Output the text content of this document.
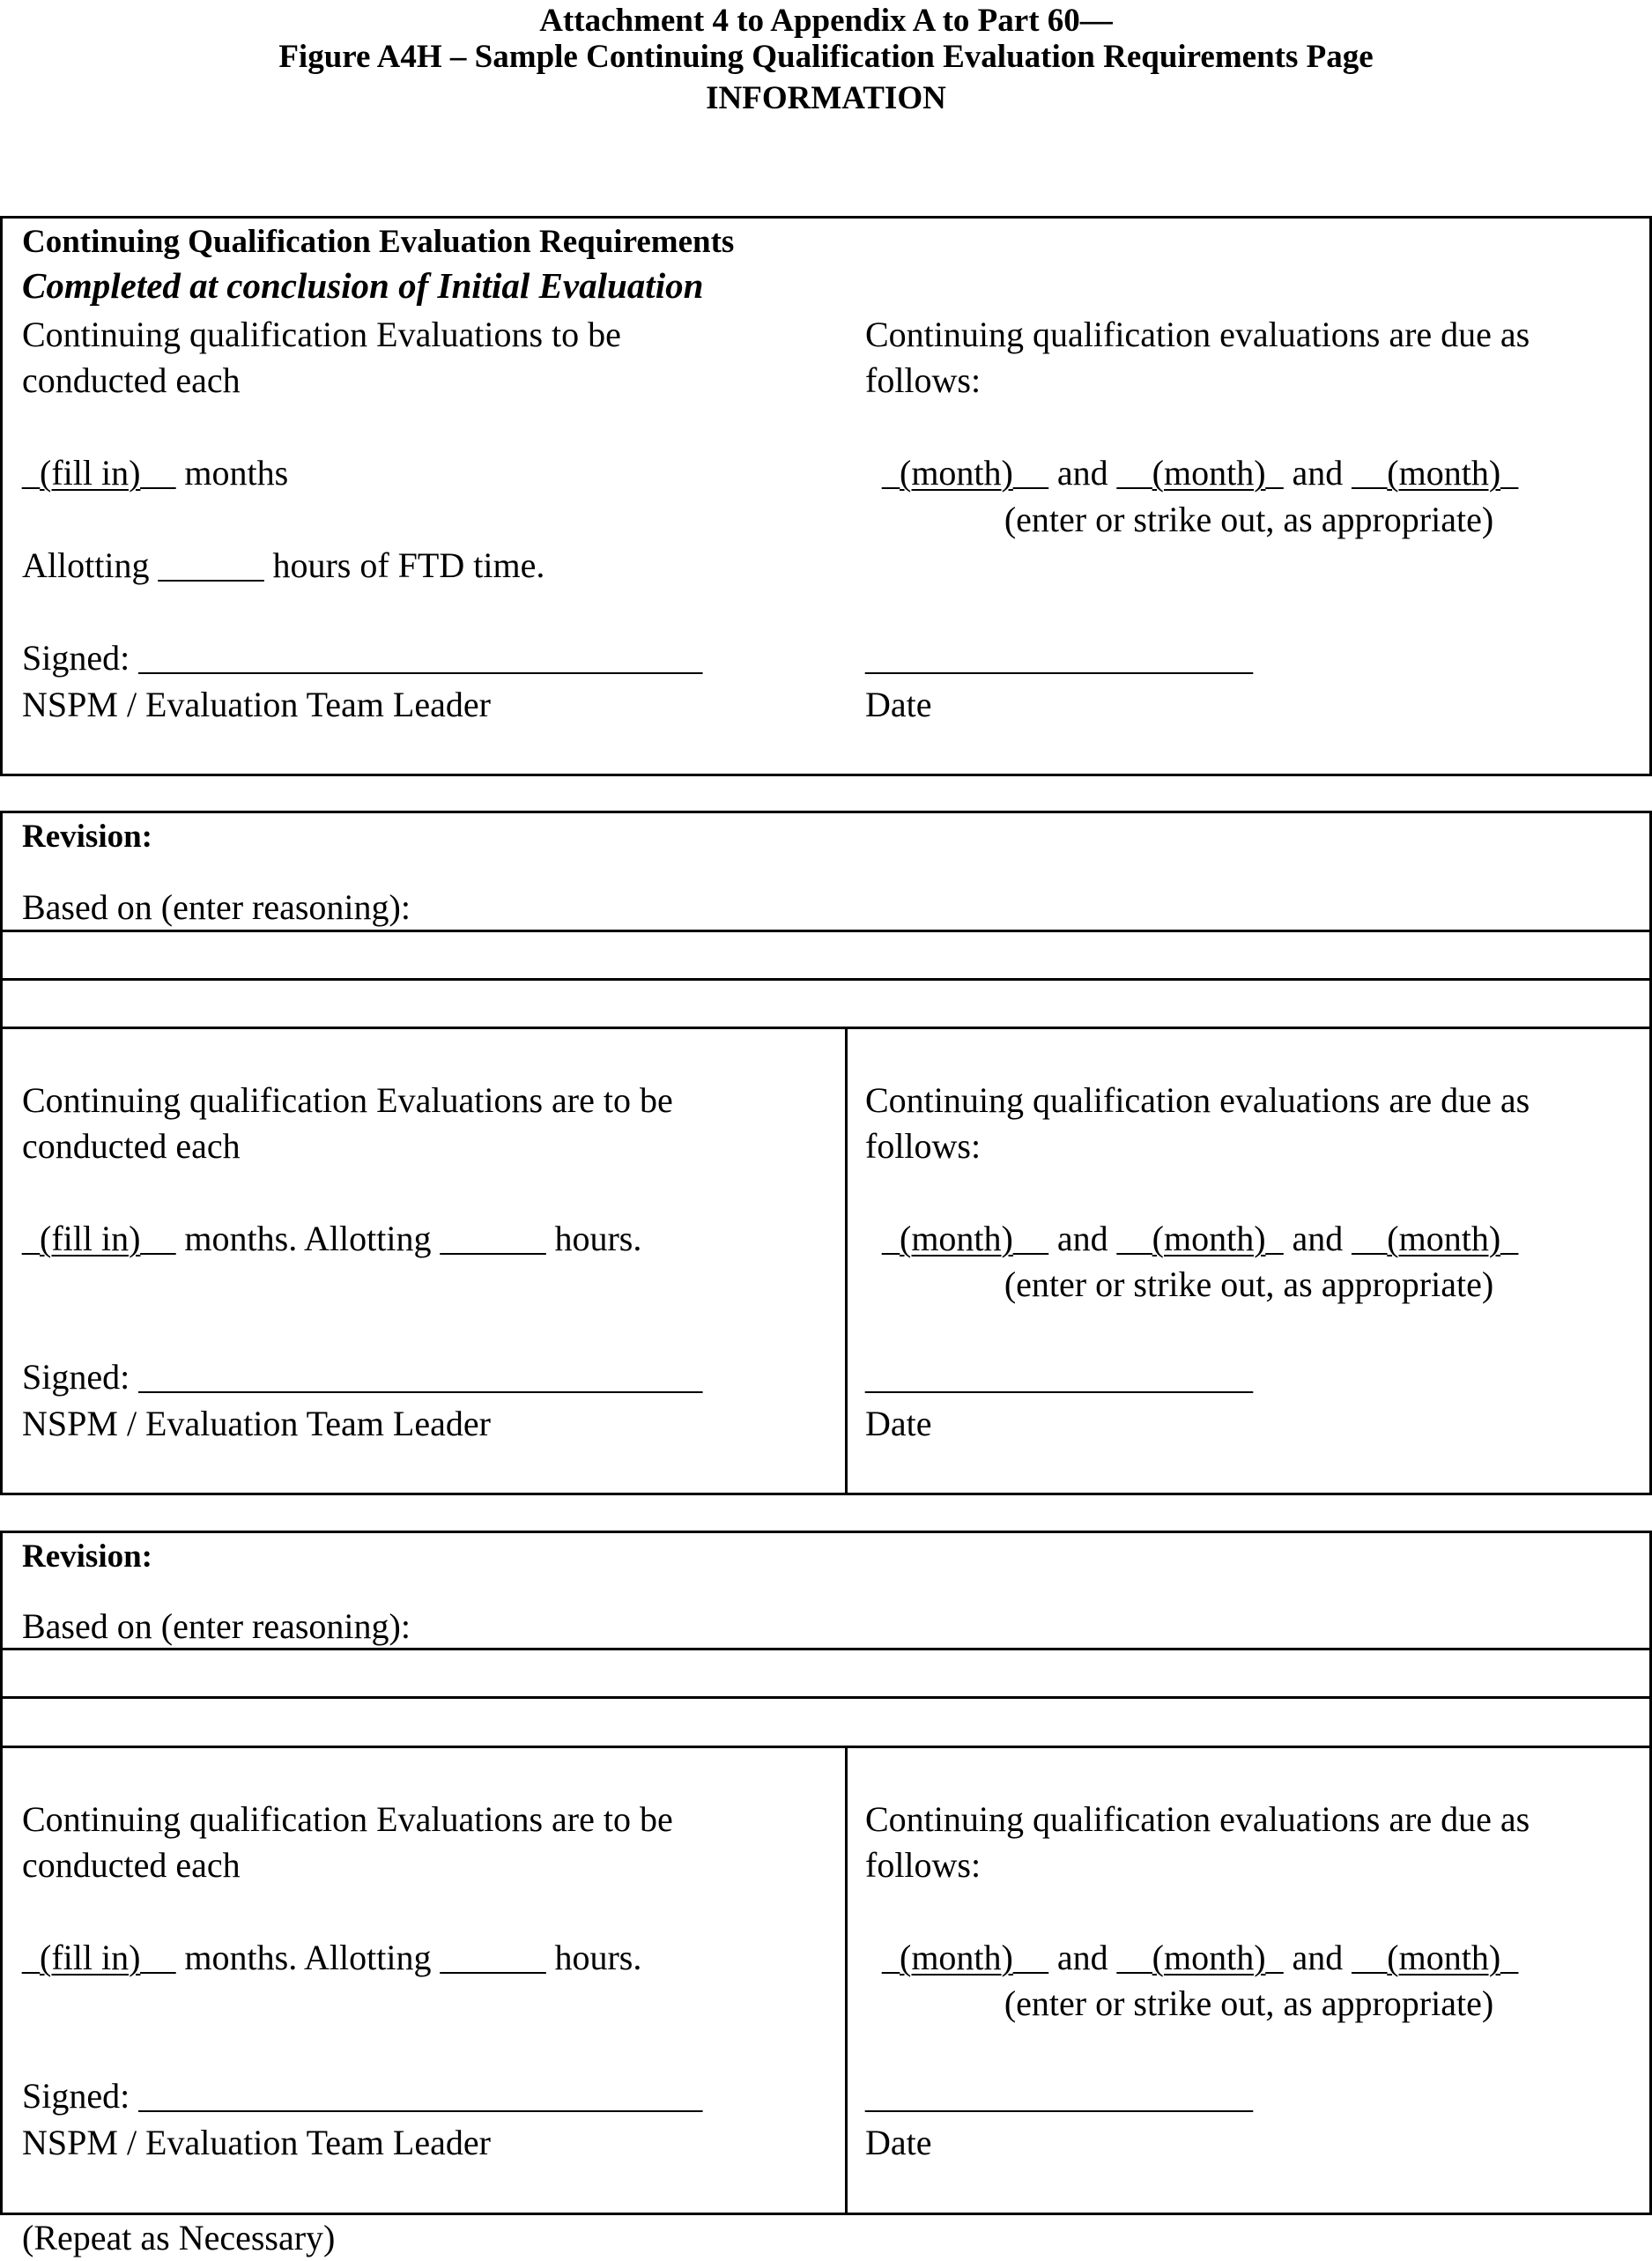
Attachment 4 to Appendix A to Part 60—
Figure A4H – Sample Continuing Qualification Evaluation Requirements Page
INFORMATION
Continuing Qualification Evaluation Requirements
Completed at conclusion of Initial Evaluation
Continuing qualification Evaluations to be
conducted each
_(fill in)__ months
Allotting ______ hours of FTD time.
Signed: ________________________________
NSPM / Evaluation Team Leader
Continuing qualification evaluations are due as
follows:
_(month)__ and __(month)_ and __(month)_
(enter or strike out, as appropriate)
______________________
Date
Revision:
Based on (enter reasoning):
Continuing qualification Evaluations are to be
conducted each
_(fill in)__ months. Allotting ______ hours.
Signed: ________________________________
NSPM / Evaluation Team Leader
Continuing qualification evaluations are due as
follows:
_(month)__ and __(month)_ and __(month)_
(enter or strike out, as appropriate)
______________________
Date
Revision:
Based on (enter reasoning):
Continuing qualification Evaluations are to be
conducted each
_(fill in)__ months. Allotting ______ hours.
Signed: ________________________________
NSPM / Evaluation Team Leader
Continuing qualification evaluations are due as
follows:
_(month)__ and __(month)_ and __(month)_
(enter or strike out, as appropriate)
______________________
Date
(Repeat as Necessary)
